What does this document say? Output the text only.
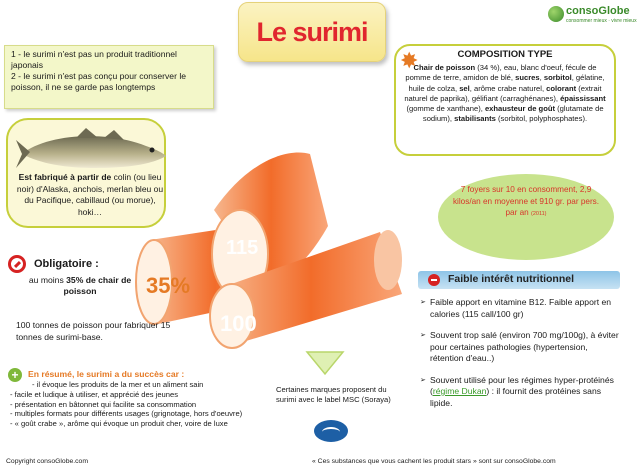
Le surimi
consoGlobe
consommer mieux · vivre mieux
1 - le surimi n'est pas un produit traditionnel japonais
2 - le surimi n'est pas conçu pour conserver le poisson, il ne se garde pas longtemps
COMPOSITION TYPE
Chair de poisson (34 %), eau, blanc d'oeuf, fécule de pomme de terre, amidon de blé, sucres, sorbitol, gélatine, huile de colza, sel, arôme crabe naturel, colorant (extrait naturel de paprika), gélifiant (carraghénanes), épaississant (gomme de xanthane), exhausteur de goût (glutamate de sodium), stabilisants (sorbitol, polyphosphates).
✸
Est fabriqué à partir de colin (ou lieu noir) d'Alaska, anchois, merlan bleu ou du Pacifique, cabillaud (ou morue), hoki…
7 foyers sur 10 en consomment, 2,9 kilos/an en moyenne et 910 gr. par pers. par an (2011)
115
35%
100
Obligatoire :
au moins 35% de chair de poisson
100 tonnes de poisson pour fabriquer 15 tonnes de surimi-base.
+	En résumé, le surimi a du succès car :
- il évoque les produits de la mer et un aliment sain
- facile et ludique à utiliser, et apprécié des jeunes
- présentation en bâtonnet qui facilite sa consommation
- multiples formats pour différents usages (grignotage, hors d'oeuvre)
- « goût crabe », arôme qui évoque un produit cher, voire de luxe
Certaines marques proposent du surimi avec le label MSC (Soraya)
Faible intérêt nutritionnel
➢ Faible apport en vitamine B12. Faible apport en calories (115 call/100 gr)
➢ Souvent trop salé (environ 700 mg/100g), à éviter pour certaines pathologies (hypertension, rétention d'eau..)
➢ Souvent utilisé pour les régimes hyper-protéinés (régime Dukan) : il fournit des protéines sans lipide.
Copyright consoGlobe.com	« Ces substances que vous cachent les produit stars » sont sur consoGlobe.com
